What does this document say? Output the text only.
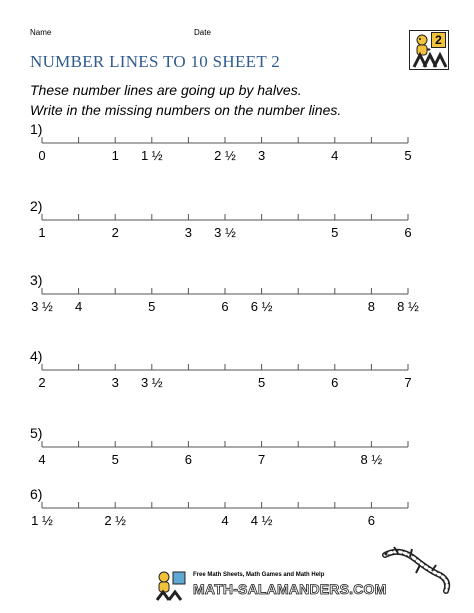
Name	Date
NUMBER LINES TO 10 SHEET 2
2
These number lines are going up by halves.
Write in the missing numbers on the number lines.
1)
0	1 1 ½	2 ½ 3	4	5
2)
1	2	3 3 ½	5	6
3)
3 ½ 4	5	6 6 ½	8 8 ½
4)
2	3 3 ½	5	6	7
5)
4	5	6	7	8 ½
6)
1 ½	2 ½	4 4 ½	6
Free Math Sheets, Math Games and Math Help
MATH-SALAMANDERS.COM
